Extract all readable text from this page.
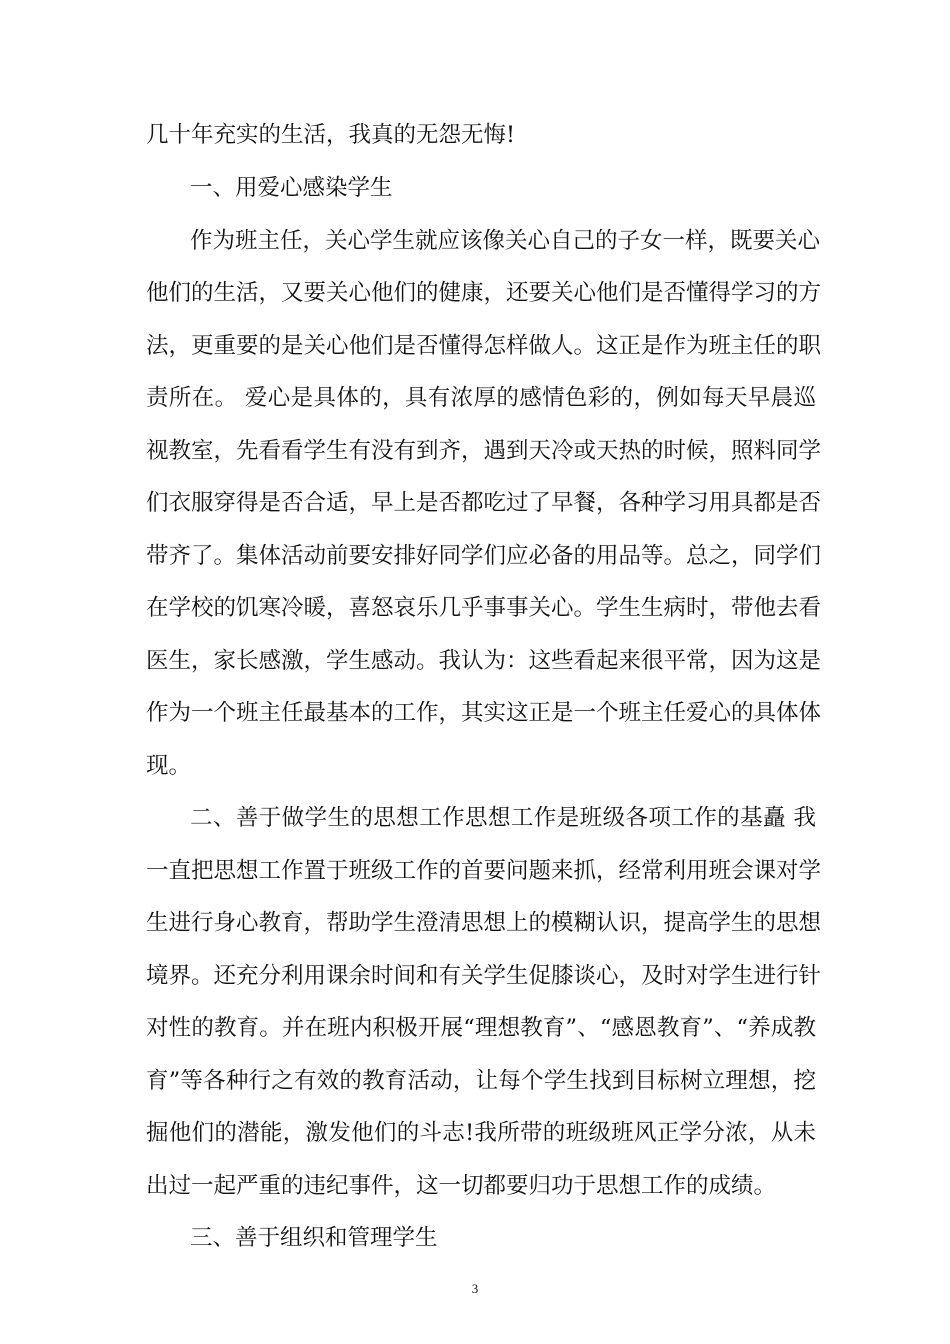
几十年充实的生活，我真的无怨无悔!
一、用爱心感染学生
作为班主任，关心学生就应该像关心自己的子女一样，既要关心
他们的生活，又要关心他们的健康，还要关心他们是否懂得学习的方
法，更重要的是关心他们是否懂得怎样做人。这正是作为班主任的职
责所在。 爱心是具体的，具有浓厚的感情色彩的，例如每天早晨巡
视教室，先看看学生有没有到齐，遇到天冷或天热的时候，照料同学
们衣服穿得是否合适，早上是否都吃过了早餐，各种学习用具都是否
带齐了。集体活动前要安排好同学们应必备的用品等。总之，同学们
在学校的饥寒冷暖，喜怒哀乐几乎事事关心。学生生病时，带他去看
医生，家长感激，学生感动。我认为：这些看起来很平常，因为这是
作为一个班主任最基本的工作，其实这正是一个班主任爱心的具体体
现。
二、善于做学生的思想工作思想工作是班级各项工作的基矗 我
一直把思想工作置于班级工作的首要问题来抓，经常利用班会课对学
生进行身心教育，帮助学生澄清思想上的模糊认识，提高学生的思想
境界。还充分利用课余时间和有关学生促膝谈心，及时对学生进行针
对性的教育。并在班内积极开展“理想教育”、“感恩教育”、“养成教
育”等各种行之有效的教育活动，让每个学生找到目标树立理想，挖
掘他们的潜能，激发他们的斗志!我所带的班级班风正学分浓，从未
出过一起严重的违纪事件，这一切都要归功于思想工作的成绩。
三、善于组织和管理学生
3
